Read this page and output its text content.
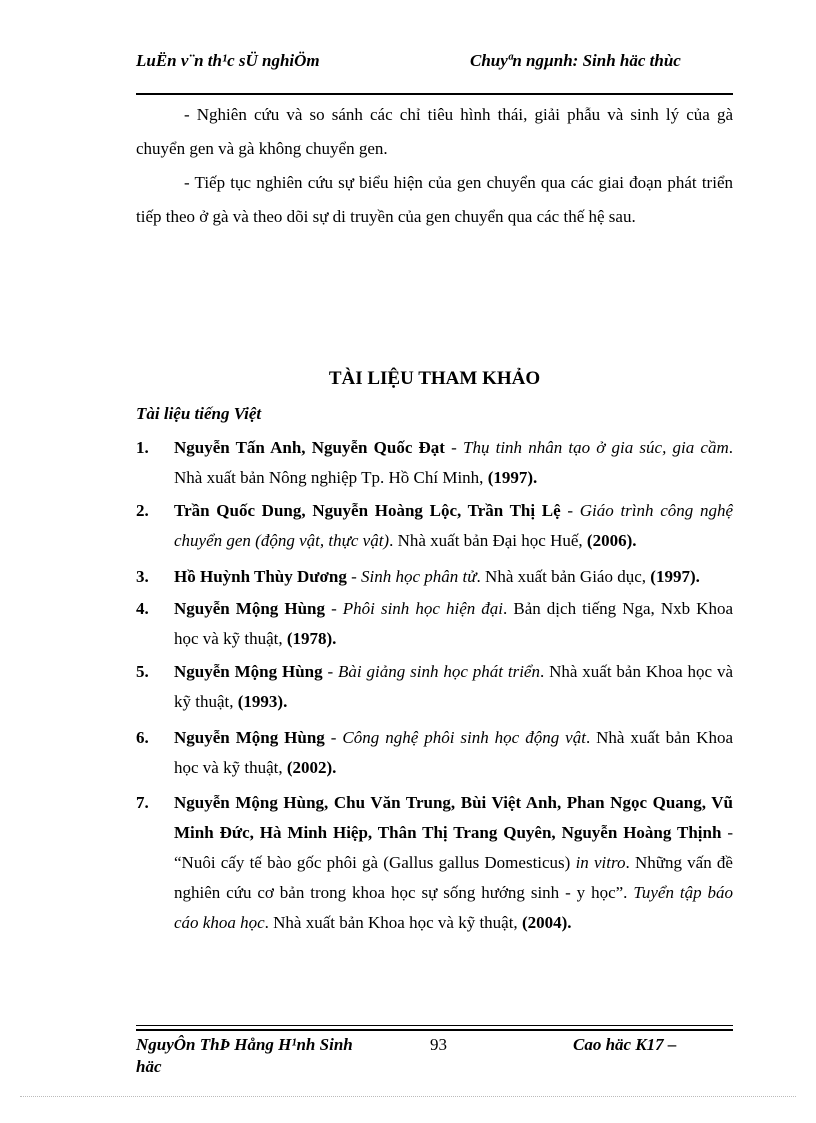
LuËn v¨n th¹c sÜ nghiÖm	Chuyªn ngµnh: Sinh häc thùc
- Nghiên cứu và so sánh các chỉ tiêu hình thái, giải phẫu và sinh lý của gà chuyển gen và gà không chuyển gen.
- Tiếp tục nghiên cứu sự biểu hiện của gen chuyển qua các giai đoạn phát triển tiếp theo ở gà và theo dõi sự di truyền của gen chuyển qua các thế hệ sau.
TÀI LIỆU THAM KHẢO
Tài liệu tiếng Việt
1. Nguyễn Tấn Anh, Nguyễn Quốc Đạt - Thụ tinh nhân tạo ở gia súc, gia cầm. Nhà xuất bản Nông nghiệp Tp. Hồ Chí Minh, (1997).
2. Trần Quốc Dung, Nguyễn Hoàng Lộc, Trần Thị Lệ - Giáo trình công nghệ chuyển gen (động vật, thực vật). Nhà xuất bản Đại học Huế, (2006).
3. Hồ Huỳnh Thùy Dương - Sinh học phân tử. Nhà xuất bản Giáo dục, (1997).
4. Nguyễn Mộng Hùng - Phôi sinh học hiện đại. Bản dịch tiếng Nga, Nxb Khoa học và kỹ thuật, (1978).
5. Nguyễn Mộng Hùng - Bài giảng sinh học phát triển. Nhà xuất bản Khoa học và kỹ thuật, (1993).
6. Nguyễn Mộng Hùng - Công nghệ phôi sinh học động vật. Nhà xuất bản Khoa học và kỹ thuật, (2002).
7. Nguyễn Mộng Hùng, Chu Văn Trung, Bùi Việt Anh, Phan Ngọc Quang, Vũ Minh Đức, Hà Minh Hiệp, Thân Thị Trang Quyên, Nguyễn Hoàng Thịnh - “Nuôi cấy tế bào gốc phôi gà (Gallus gallus Domesticus) in vitro. Những vấn đề nghiên cứu cơ bản trong khoa học sự sống hướng sinh - y học”. Tuyển tập báo cáo khoa học. Nhà xuất bản Khoa học và kỹ thuật, (2004).
NguyÔn ThÞ Hång H¹nh Sinh häc
93	Cao häc K17 –
